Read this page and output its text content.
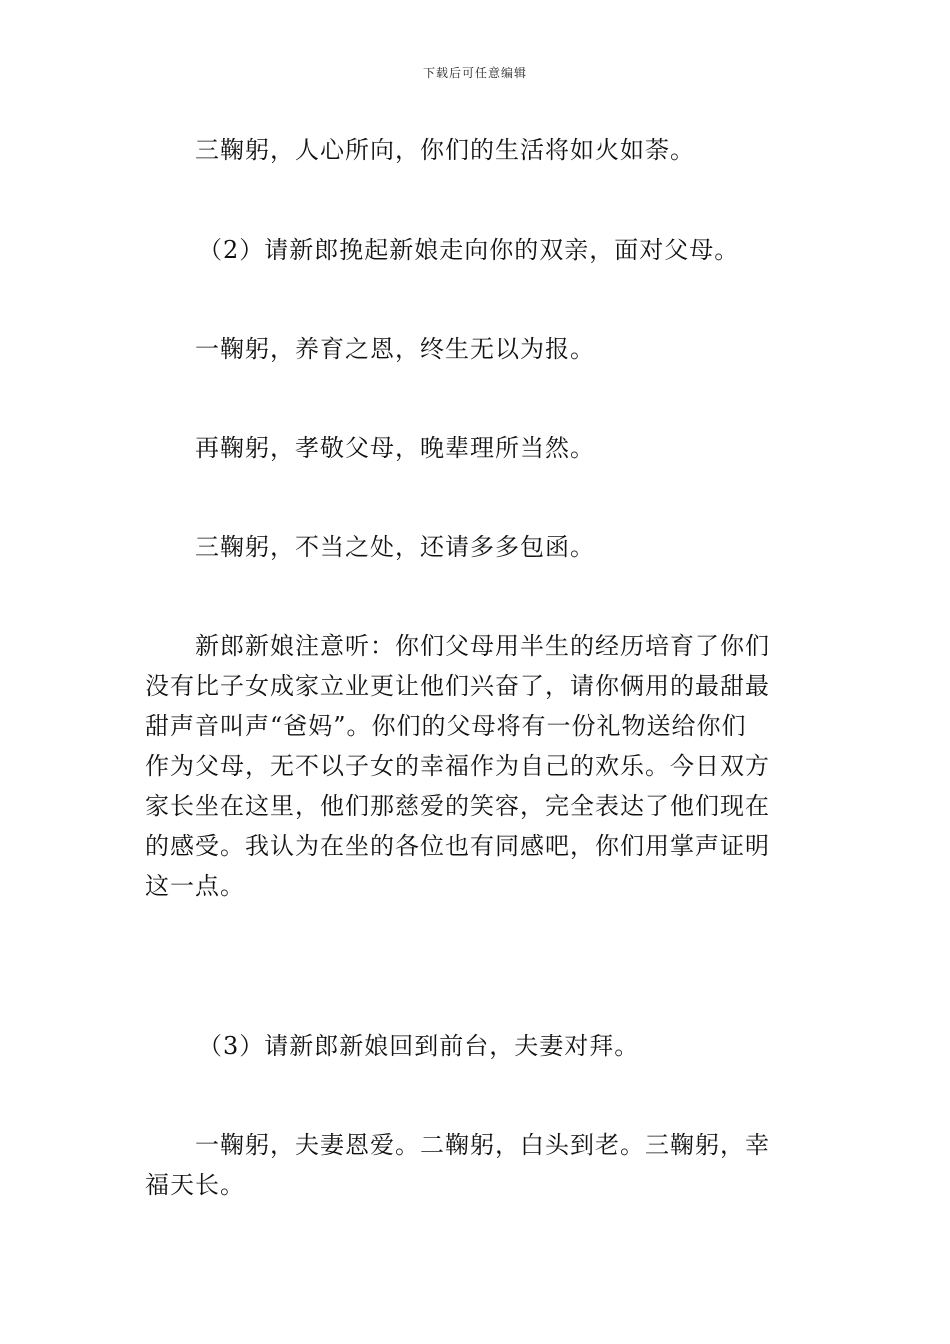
下载后可任意编辑

三鞠躬，人心所向，你们的生活将如火如荼。

（2）请新郎挽起新娘走向你的双亲，面对父母。

一鞠躬，养育之恩，终生无以为报。

再鞠躬，孝敬父母，晚辈理所当然。

三鞠躬，不当之处，还请多多包函。

新郎新娘注意听：你们父母用半生的经历培育了你们
没有比子女成家立业更让他们兴奋了，请你俩用的最甜最
甜声音叫声“爸妈”。你们的父母将有一份礼物送给你们
作为父母，无不以子女的幸福作为自己的欢乐。今日双方
家长坐在这里，他们那慈爱的笑容，完全表达了他们现在
的感受。我认为在坐的各位也有同感吧，你们用掌声证明
这一点。

（3）请新郎新娘回到前台，夫妻对拜。

一鞠躬，夫妻恩爱。二鞠躬，白头到老。三鞠躬，幸
福天长。
